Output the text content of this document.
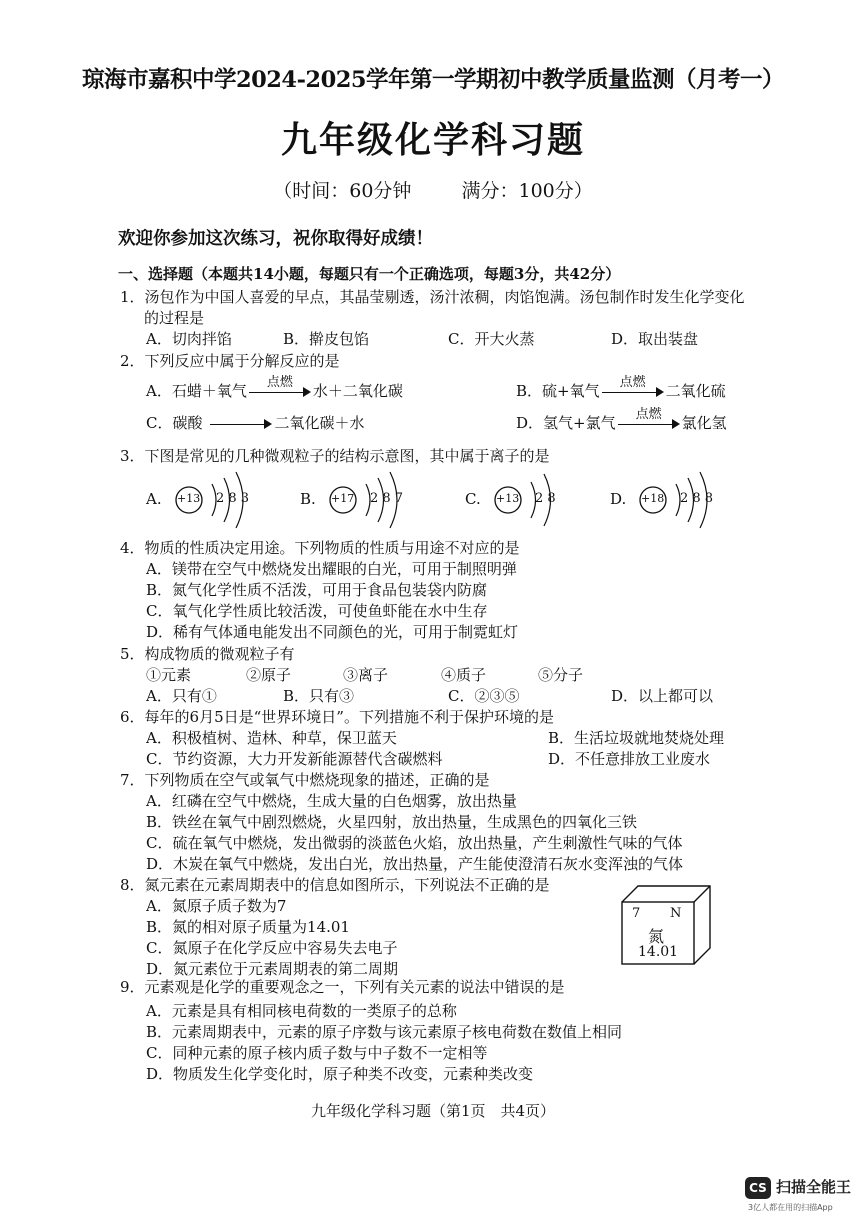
琼海市嘉积中学2024-2025学年第一学期初中教学质量监测（月考一）
九年级化学科习题
（时间：60分钟	满分：100分）
欢迎你参加这次练习，祝你取得好成绩！
一、选择题（本题共14小题，每题只有一个正确选项，每题3分，共42分）
1．汤包作为中国人喜爱的早点，其晶莹剔透，汤汁浓稠，肉馅饱满。汤包制作时发生化学变化
的过程是
A．切肉拌馅	B．擀皮包馅	C．开大火蒸	D．取出装盘
2．下列反应中属于分解反应的是
A．石蜡＋氧气	点燃	水＋二氧化碳	B．硫+氧气	点燃	二氧化硫
C．碳酸	二氧化碳＋水	D．氢气+氯气	点燃	氯化氢
3．下图是常见的几种微观粒子的结构示意图，其中属于离子的是
A. +13 2 8 3	B. +17 2 8 7	C. +13 2 8	D. +18 2 8 8
4．物质的性质决定用途。下列物质的性质与用途不对应的是
A．镁带在空气中燃烧发出耀眼的白光，可用于制照明弹
B．氮气化学性质不活泼，可用于食品包装袋内防腐
C．氧气化学性质比较活泼，可使鱼虾能在水中生存
D．稀有气体通电能发出不同颜色的光，可用于制霓虹灯
5．构成物质的微观粒子有
①元素	②原子	③离子	④质子	⑤分子
A．只有①	B．只有③	C．②③⑤	D．以上都可以
6．每年的6月5日是“世界环境日”。下列措施不利于保护环境的是
A．积极植树、造林、种草，保卫蓝天	B．生活垃圾就地焚烧处理
C．节约资源，大力开发新能源替代含碳燃料	D．不任意排放工业废水
7．下列物质在空气或氧气中燃烧现象的描述，正确的是
A．红磷在空气中燃烧，生成大量的白色烟雾，放出热量
B．铁丝在氧气中剧烈燃烧，火星四射，放出热量，生成黑色的四氧化三铁
C．硫在氧气中燃烧，发出微弱的淡蓝色火焰，放出热量，产生刺激性气味的气体
D．木炭在氧气中燃烧，发出白光，放出热量，产生能使澄清石灰水变浑浊的气体
8．氮元素在元素周期表中的信息如图所示，下列说法不正确的是
A．氮原子质子数为7
B．氮的相对原子质量为14.01
C．氮原子在化学反应中容易失去电子
D．氮元素位于元素周期表的第二周期
7 N
氮
14.01
9．元素观是化学的重要观念之一，下列有关元素的说法中错误的是
A．元素是具有相同核电荷数的一类原子的总称
B．元素周期表中，元素的原子序数与该元素原子核电荷数在数值上相同
C．同种元素的原子核内质子数与中子数不一定相等
D．物质发生化学变化时，原子种类不改变，元素种类改变
九年级化学科习题（第1页　共4页）
CS 扫描全能王
3亿人都在用的扫描App
